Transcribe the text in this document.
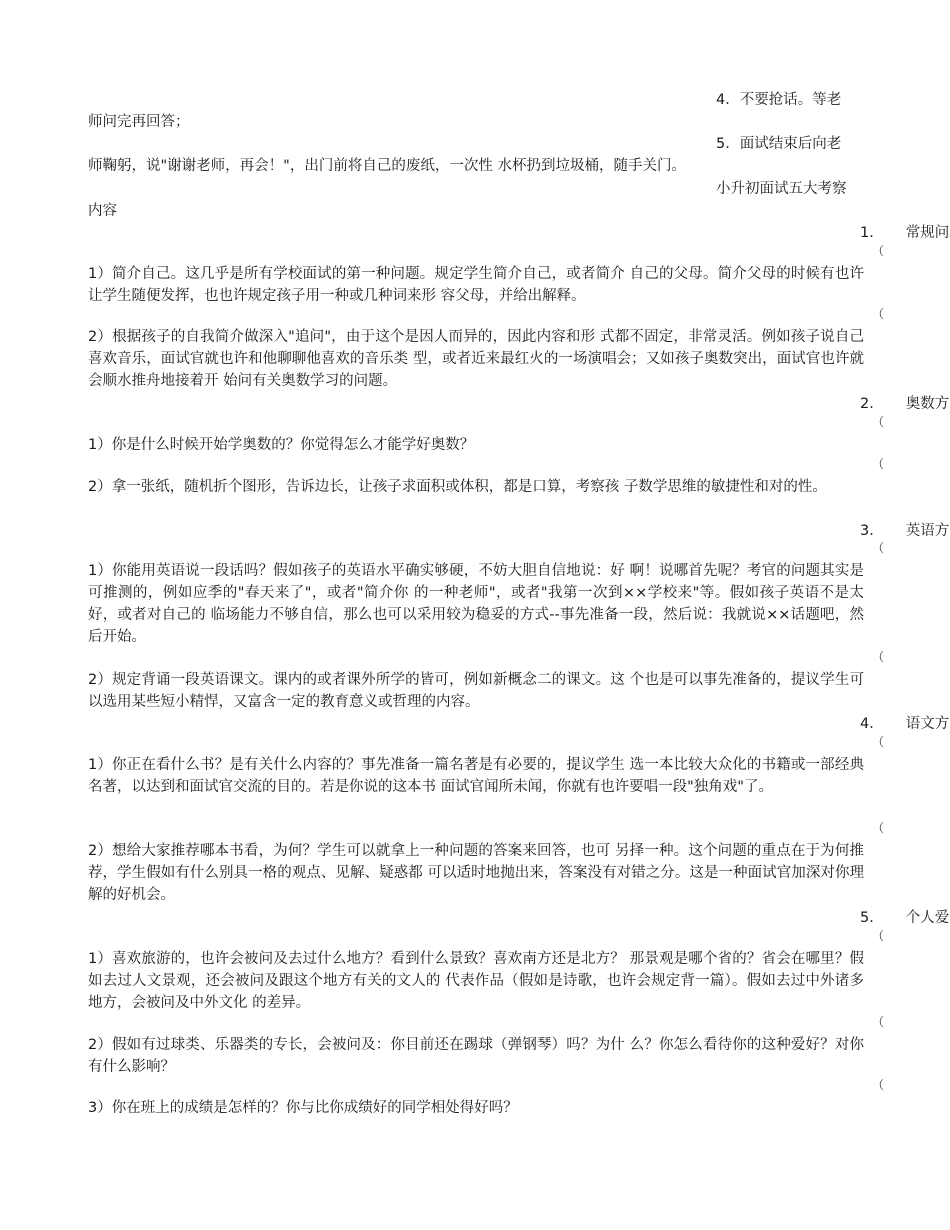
4．不要抢话。等老
师问完再回答；
5．面试结束后向老
师鞠躬，说"谢谢老师，再会！"，出门前将自己的废纸，一次性 水杯扔到垃圾桶，随手关门。
小升初面试五大考察
内容
1． 常规问
（
1）简介自己。这几乎是所有学校面试的第一种问题。规定学生简介自己，或者简介 自己的父母。简介父母的时候有也许让学生随便发挥，也也许规定孩子用一种或几种词来形 容父母，并给出解释。
（
2）根据孩子的自我简介做深入"追问"，由于这个是因人而异的，因此内容和形 式都不固定，非常灵活。例如孩子说自己喜欢音乐，面试官就也许和他聊聊他喜欢的音乐类 型，或者近来最红火的一场演唱会；又如孩子奥数突出，面试官也许就会顺水推舟地接着开 始问有关奥数学习的问题。
2． 奥数方
（
1）你是什么时候开始学奥数的？你觉得怎么才能学好奥数？
（
2）拿一张纸，随机折个图形，告诉边长，让孩子求面积或体积，都是口算，考察孩 子数学思维的敏捷性和对的性。
3． 英语方
（
1）你能用英语说一段话吗？假如孩子的英语水平确实够硬，不妨大胆自信地说：好 啊！说哪首先呢？考官的问题其实是可推测的，例如应季的"春天来了"，或者"简介你 的一种老师"，或者"我第一次到××学校来"等。假如孩子英语不是太好，或者对自己的 临场能力不够自信，那么也可以采用较为稳妥的方式--事先准备一段，然后说：我就说××话题吧，然后开始。
（
2）规定背诵一段英语课文。课内的或者课外所学的皆可，例如新概念二的课文。这 个也是可以事先准备的，提议学生可以选用某些短小精悍，又富含一定的教育意义或哲理的内容。
4． 语文方
（
1）你正在看什么书？是有关什么内容的？事先准备一篇名著是有必要的，提议学生 选一本比较大众化的书籍或一部经典名著，以达到和面试官交流的目的。若是你说的这本书 面试官闻所未闻，你就有也许要唱一段"独角戏"了。
（
2）想给大家推荐哪本书看，为何？学生可以就拿上一种问题的答案来回答，也可 另择一种。这个问题的重点在于为何推荐，学生假如有什么别具一格的观点、见解、疑惑都 可以适时地抛出来，答案没有对错之分。这是一种面试官加深对你理解的好机会。
5． 个人爱
（
1）喜欢旅游的，也许会被问及去过什么地方？看到什么景致？喜欢南方还是北方？ 那景观是哪个省的？省会在哪里？假如去过人文景观，还会被问及跟这个地方有关的文人的 代表作品（假如是诗歌，也许会规定背一篇）。假如去过中外诸多地方，会被问及中外文化 的差异。
（
2）假如有过球类、乐器类的专长，会被问及：你目前还在踢球（弹钢琴）吗？为什 么？你怎么看待你的这种爱好？对你有什么影响？
（
3）你在班上的成绩是怎样的？你与比你成绩好的同学相处得好吗？
